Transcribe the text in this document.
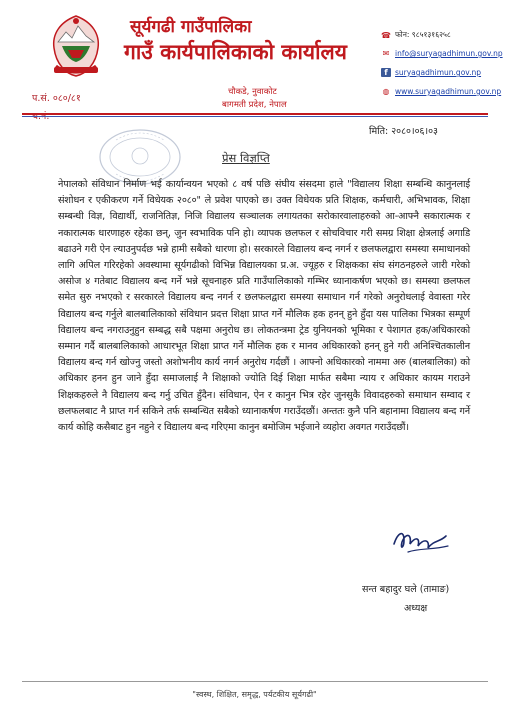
सूर्यगढी गाउँपालिका
गाउँ कार्यपालिकाको कार्यालय
चौकडे, नुवाकोट
बागमती प्रदेश, नेपाल
प.सं. ०८०/८१
☎ फोन: ९८५१३१६२५८
✉ info@suryagadhimun.gov.np
f suryagadhimun.gov.np
◍ www.suryagadhimun.gov.np
मिति: २०८०।०६।०३
प्रेस विज्ञप्ति
नेपालको संविधान निर्माण भई कार्यान्वयन भएको ८ वर्ष पछि संघीय संसदमा हाले "विद्यालय शिक्षा सम्बन्धि कानुनलाई संशोधन र एकीकरण गर्ने विधेयक २०८०" ले प्रवेश पाएको छ। उक्त विधेयक प्रति शिक्षक, कर्मचारी, अभिभावक, शिक्षा सम्बन्धी विज्ञ, विद्यार्थी, राजनितिज्ञ, निजि विद्यालय सञ्चालक लगायतका सरोकारवालाहरुको आ-आफ्नै सकारात्मक र नकारात्मक धारणाहरु रहेका छन्, जुन स्वभाविक पनि हो। व्यापक छलफल र सोचविचार गरी समग्र शिक्षा क्षेत्रलाई अगाडि बढाउने गरी ऐन ल्याउनुपर्दछ भन्ने हामी सबैको धारणा हो। सरकारले विद्यालय बन्द नगर्न र छलफलद्वारा समस्या समाधानको लागि अपिल गरिरहेको अवस्थामा सूर्यगढीको विभिन्न विद्यालयका प्र.अ. ज्यूहरु र शिक्षकका संघ संगठनहरुले जारी गरेको असोज ४ गतेबाट विद्यालय बन्द गर्ने भन्ने सूचनाहरु प्रति गाउँपालिकाको गम्भिर ध्यानाकर्षण भएको छ। समस्या छलफल समेत सुरु नभएको र सरकारले विद्यालय बन्द नगर्न र छलफलद्वारा समस्या समाधान गर्न गरेको अनुरोधलाई वेवास्ता गरेर विद्यालय बन्द गर्नुले बालबालिकाको संविधान प्रदत्त शिक्षा प्राप्त गर्ने मौलिक हक हनन् हुने हुँदा यस पालिका भित्रका सम्पूर्ण विद्यालय बन्द नगराउनुहुन सम्बद्ध सबै पक्षमा अनुरोध छ। लोकतन्त्रमा ट्रेड युनियनको भूमिका र पेशागत हक/अधिकारको सम्मान गर्दै बालबालिकाको आधारभूत शिक्षा प्राप्त गर्ने मौलिक हक र मानव अधिकारको हनन् हुने गरी अनिश्चितकालीन विद्यालय बन्द गर्न खोज्नु जस्तो अशोभनीय कार्य नगर्न अनुरोध गर्दछौं । आफ्नो अधिकारको नाममा अरु (बालबालिका) को अधिकार हनन हुन जाने हुँदा समाजलाई नै शिक्षाको ज्योति दिई शिक्षा मार्फत सबैमा न्याय र अधिकार कायम गराउने शिक्षकहरुले नै विद्यालय बन्द गर्नु उचित हुँदैन। संविधान, ऐन र कानुन भित्र रहेर जुनसुकै विवादहरुको समाधान सम्वाद र छलफलबाट नै प्राप्त गर्न सकिने तर्फ सम्बन्धित सबैको ध्यानाकर्षण गराउँदछौं। अन्ततः कुनै पनि बहानामा विद्यालय बन्द गर्ने कार्य कोहि कसैबाट हुन नहुने र विद्यालय बन्द गरिएमा कानुन बमोजिम भईजाने व्यहोरा अवगत गराउँदछौं।
सन्त बहादुर घले (तामाङ)
अध्यक्ष
"स्वस्थ, शिक्षित, समृद्ध, पर्यटकीय सूर्यगढी"
